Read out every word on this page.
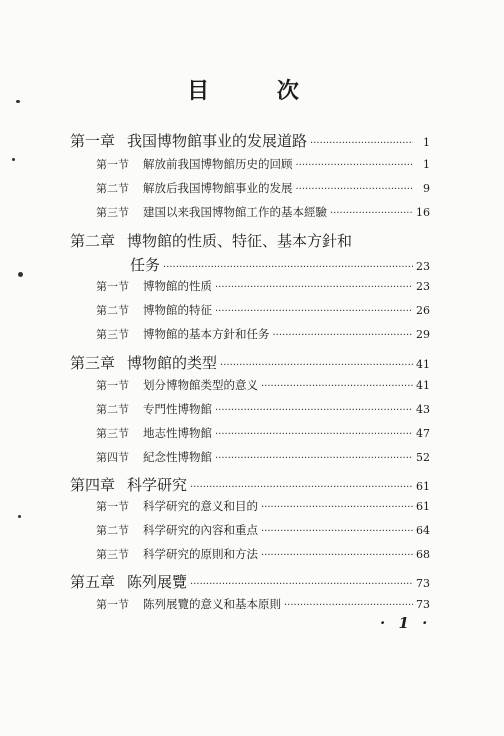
目 次
第一章 我国博物館事业的发展道路 ·····	1
第一节 解放前我国博物館历史的回顾 ·····	1
第二节 解放后我国博物館事业的发展 ·····	9
第三节 建国以来我国博物館工作的基本經驗 ·····	16
第二章 博物館的性质、特征、基本方針和
任务 ·····	23
第一节 博物館的性质 ·····	23
第二节 博物館的特征 ·····	26
第三节 博物館的基本方針和任务 ·····	29
第三章 博物館的类型 ·····	41
第一节 划分博物館类型的意义 ·····	41
第二节 专門性博物館 ·····	43
第三节 地志性博物館 ·····	47
第四节 紀念性博物館 ·····	52
第四章 科学研究 ·····	61
第一节 科学研究的意义和目的 ·····	61
第二节 科学研究的內容和重点 ·····	64
第三节 科学研究的原則和方法 ·····	68
第五章 陈列展覽 ·····	73
第一节 陈列展覽的意义和基本原則 ·····	73
· 1 ·
